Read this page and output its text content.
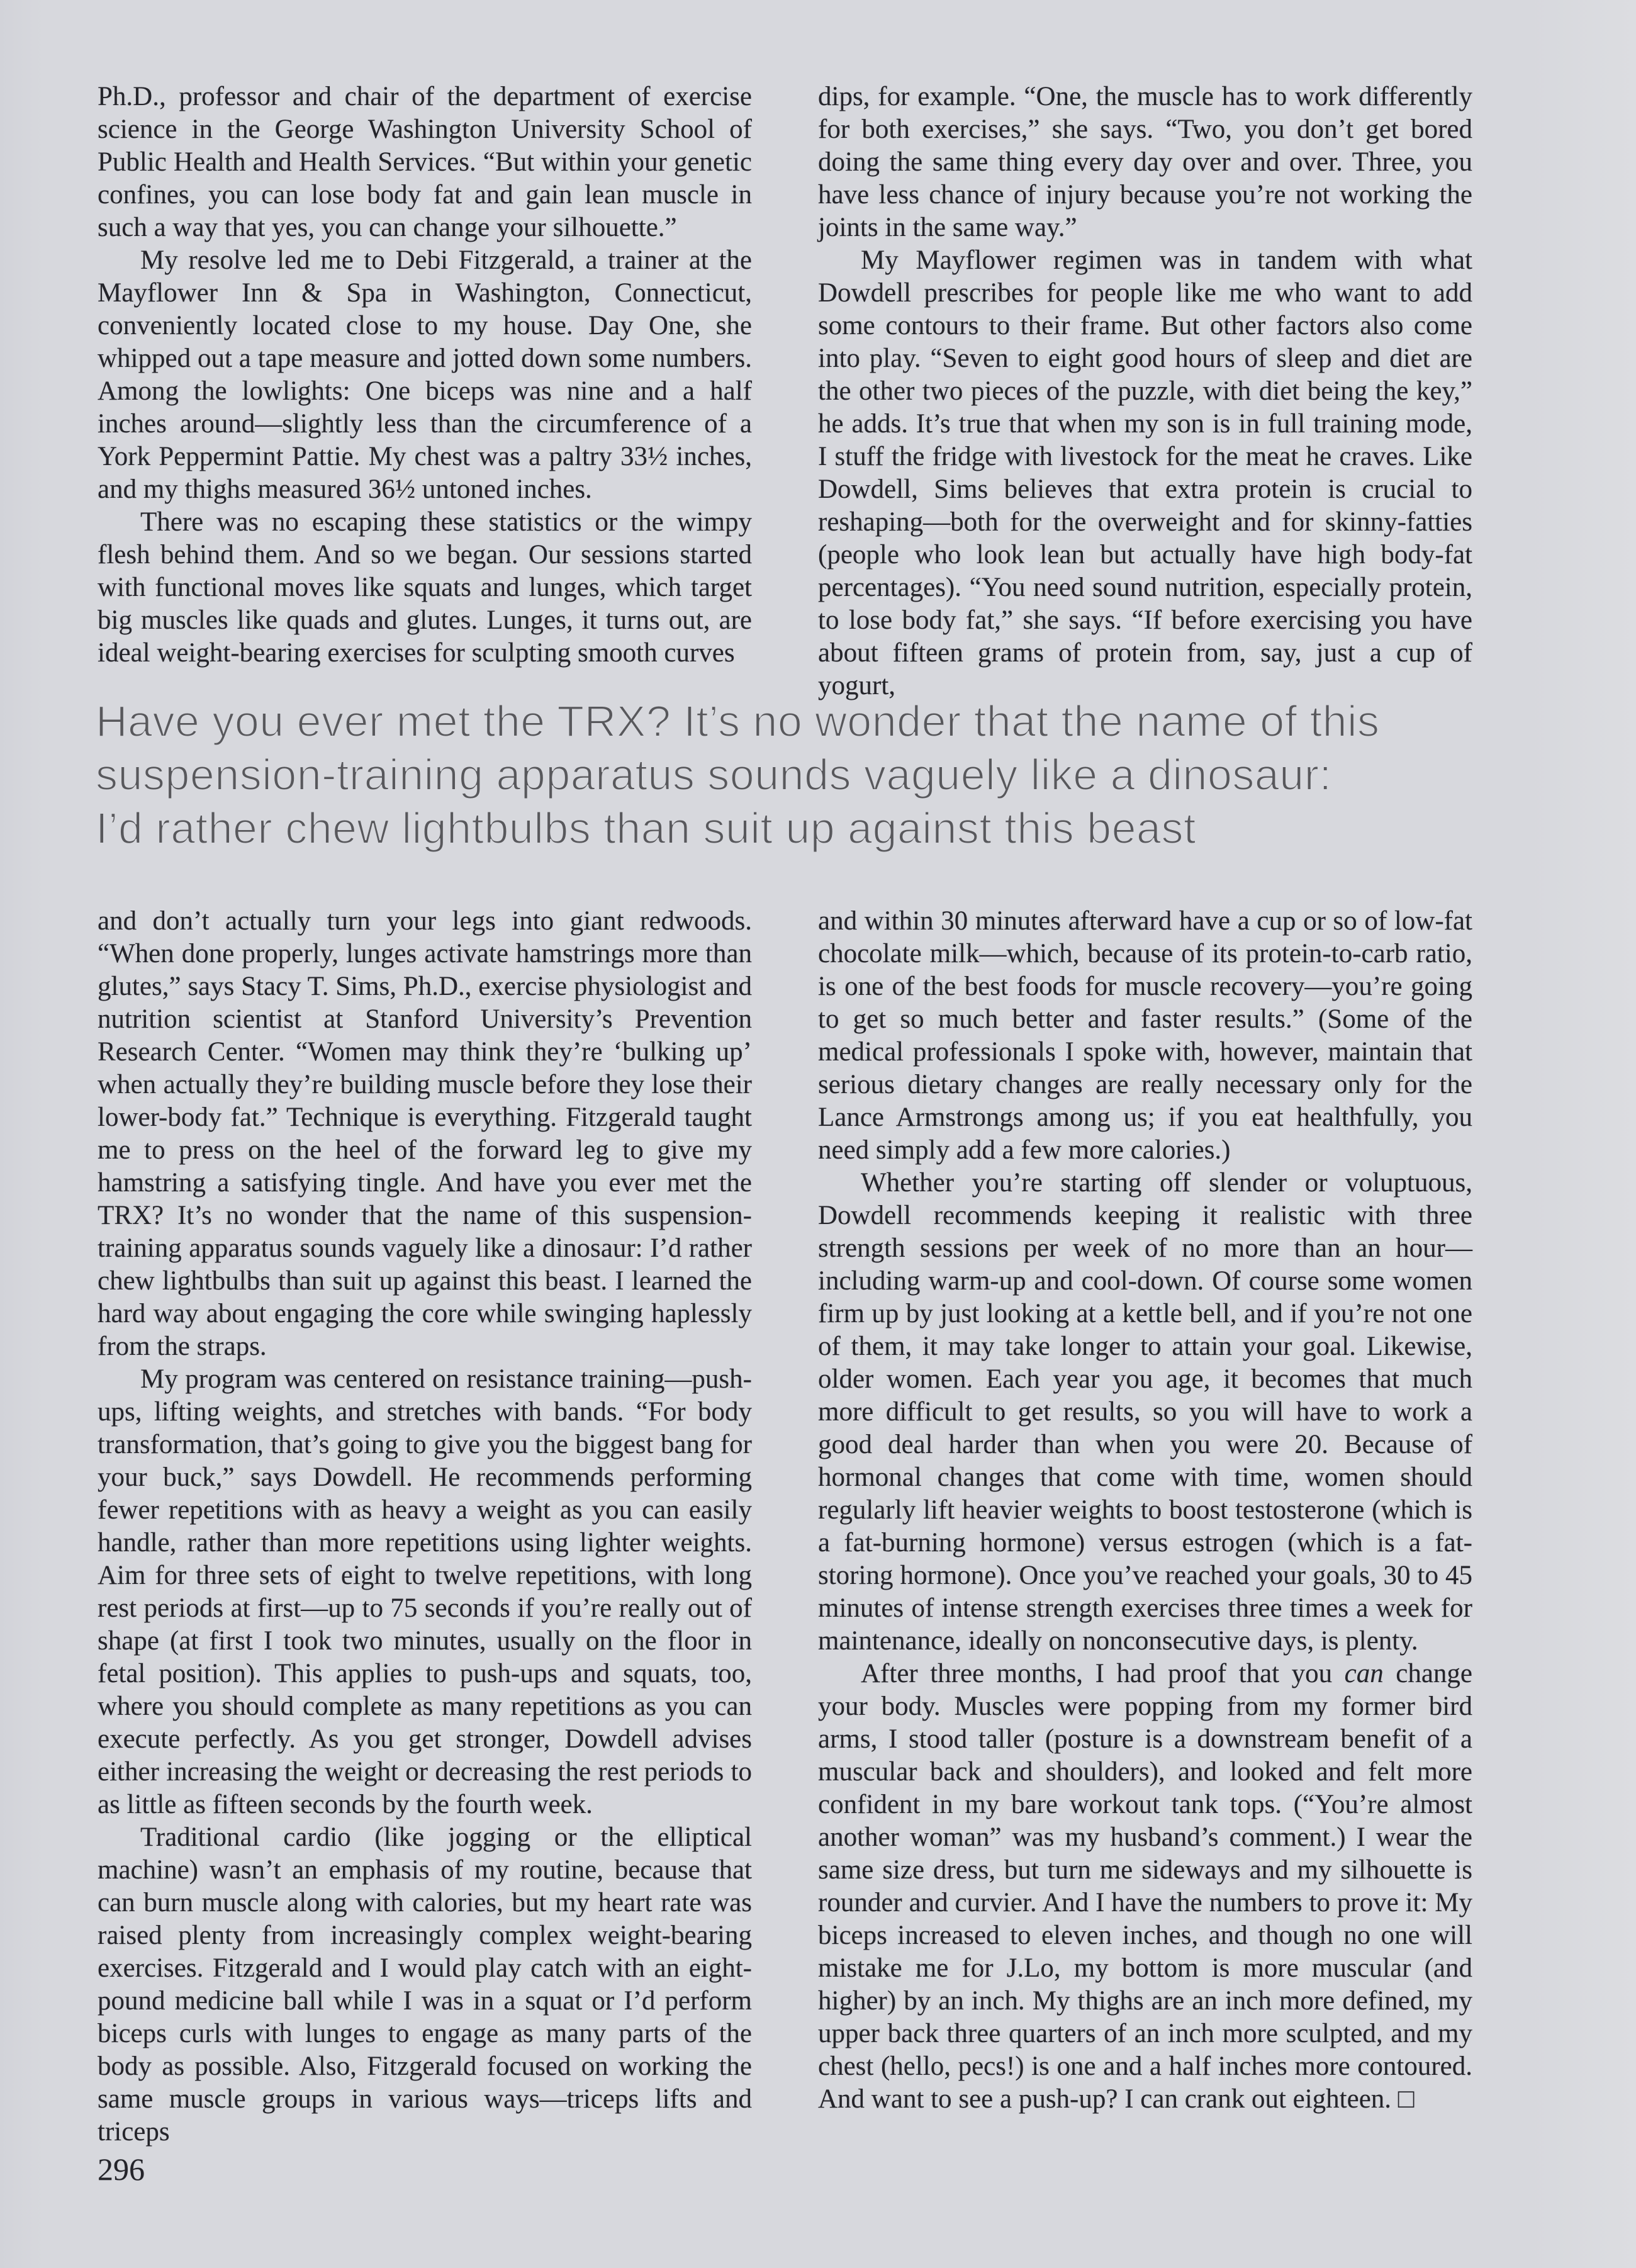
Ph.D., professor and chair of the department of exercise science in the George Washington University School of Public Health and Health Services. “But within your genetic confines, you can lose body fat and gain lean muscle in such a way that yes, you can change your silhouette.”

My resolve led me to Debi Fitzgerald, a trainer at the Mayflower Inn & Spa in Washington, Connecticut, conveniently located close to my house. Day One, she whipped out a tape measure and jotted down some numbers. Among the lowlights: One biceps was nine and a half inches around—slightly less than the circumference of a York Peppermint Pattie. My chest was a paltry 33½ inches, and my thighs measured 36½ untoned inches.

There was no escaping these statistics or the wimpy flesh behind them. And so we began. Our sessions started with functional moves like squats and lunges, which target big muscles like quads and glutes. Lunges, it turns out, are ideal weight-bearing exercises for sculpting smooth curves

dips, for example. “One, the muscle has to work differently for both exercises,” she says. “Two, you don’t get bored doing the same thing every day over and over. Three, you have less chance of injury because you’re not working the joints in the same way.”

My Mayflower regimen was in tandem with what Dowdell prescribes for people like me who want to add some contours to their frame. But other factors also come into play. “Seven to eight good hours of sleep and diet are the other two pieces of the puzzle, with diet being the key,” he adds. It’s true that when my son is in full training mode, I stuff the fridge with livestock for the meat he craves. Like Dowdell, Sims believes that extra protein is crucial to reshaping—both for the overweight and for skinny-fatties (people who look lean but actually have high body-fat percentages). “You need sound nutrition, especially protein, to lose body fat,” she says. “If before exercising you have about fifteen grams of protein from, say, just a cup of yogurt,

Have you ever met the TRX? It’s no wonder that the name of this
suspension-training apparatus sounds vaguely like a dinosaur:
I’d rather chew lightbulbs than suit up against this beast

and don’t actually turn your legs into giant redwoods. “When done properly, lunges activate hamstrings more than glutes,” says Stacy T. Sims, Ph.D., exercise physiologist and nutrition scientist at Stanford University’s Prevention Research Center. “Women may think they’re ‘bulking up’ when actually they’re building muscle before they lose their lower-body fat.” Technique is everything. Fitzgerald taught me to press on the heel of the forward leg to give my hamstring a satisfying tingle. And have you ever met the TRX? It’s no wonder that the name of this suspension-training apparatus sounds vaguely like a dinosaur: I’d rather chew lightbulbs than suit up against this beast. I learned the hard way about engaging the core while swinging haplessly from the straps.

My program was centered on resistance training—push-ups, lifting weights, and stretches with bands. “For body transformation, that’s going to give you the biggest bang for your buck,” says Dowdell. He recommends performing fewer repetitions with as heavy a weight as you can easily handle, rather than more repetitions using lighter weights. Aim for three sets of eight to twelve repetitions, with long rest periods at first—up to 75 seconds if you’re really out of shape (at first I took two minutes, usually on the floor in fetal position). This applies to push-ups and squats, too, where you should complete as many repetitions as you can execute perfectly. As you get stronger, Dowdell advises either increasing the weight or decreasing the rest periods to as little as fifteen seconds by the fourth week.

Traditional cardio (like jogging or the elliptical machine) wasn’t an emphasis of my routine, because that can burn muscle along with calories, but my heart rate was raised plenty from increasingly complex weight-bearing exercises. Fitzgerald and I would play catch with an eight-pound medicine ball while I was in a squat or I’d perform biceps curls with lunges to engage as many parts of the body as possible. Also, Fitzgerald focused on working the same muscle groups in various ways—triceps lifts and triceps

and within 30 minutes afterward have a cup or so of low-fat chocolate milk—which, because of its protein-to-carb ratio, is one of the best foods for muscle recovery—you’re going to get so much better and faster results.” (Some of the medical professionals I spoke with, however, maintain that serious dietary changes are really necessary only for the Lance Armstrongs among us; if you eat healthfully, you need simply add a few more calories.)

Whether you’re starting off slender or voluptuous, Dowdell recommends keeping it realistic with three strength sessions per week of no more than an hour—including warm-up and cool-down. Of course some women firm up by just looking at a kettle bell, and if you’re not one of them, it may take longer to attain your goal. Likewise, older women. Each year you age, it becomes that much more difficult to get results, so you will have to work a good deal harder than when you were 20. Because of hormonal changes that come with time, women should regularly lift heavier weights to boost testosterone (which is a fat-burning hormone) versus estrogen (which is a fat-storing hormone). Once you’ve reached your goals, 30 to 45 minutes of intense strength exercises three times a week for maintenance, ideally on nonconsecutive days, is plenty.

After three months, I had proof that you can change your body. Muscles were popping from my former bird arms, I stood taller (posture is a downstream benefit of a muscular back and shoulders), and looked and felt more confident in my bare workout tank tops. (“You’re almost another woman” was my husband’s comment.) I wear the same size dress, but turn me sideways and my silhouette is rounder and curvier. And I have the numbers to prove it: My biceps increased to eleven inches, and though no one will mistake me for J.Lo, my bottom is more muscular (and higher) by an inch. My thighs are an inch more defined, my upper back three quarters of an inch more sculpted, and my chest (hello, pecs!) is one and a half inches more contoured. And want to see a push-up? I can crank out eighteen. □

296
